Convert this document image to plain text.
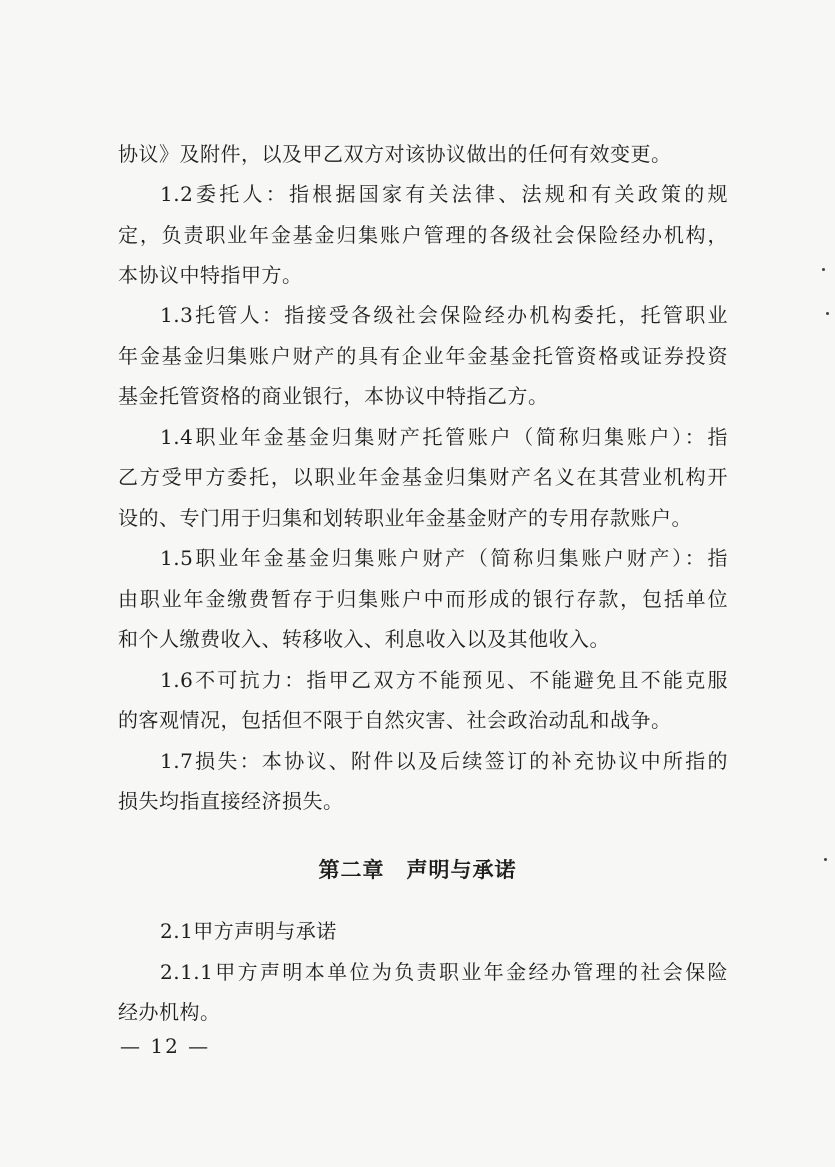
协议》及附件，以及甲乙双方对该协议做出的任何有效变更。
1.2委托人：指根据国家有关法律、法规和有关政策的规
定，负责职业年金基金归集账户管理的各级社会保险经办机构，
本协议中特指甲方。
1.3托管人：指接受各级社会保险经办机构委托，托管职业
年金基金归集账户财产的具有企业年金基金托管资格或证券投资
基金托管资格的商业银行，本协议中特指乙方。
1.4职业年金基金归集财产托管账户（简称归集账户）：指
乙方受甲方委托，以职业年金基金归集财产名义在其营业机构开
设的、专门用于归集和划转职业年金基金财产的专用存款账户。
1.5职业年金基金归集账户财产（简称归集账户财产）：指
由职业年金缴费暂存于归集账户中而形成的银行存款，包括单位
和个人缴费收入、转移收入、利息收入以及其他收入。
1.6不可抗力：指甲乙双方不能预见、不能避免且不能克服
的客观情况，包括但不限于自然灾害、社会政治动乱和战争。
1.7损失：本协议、附件以及后续签订的补充协议中所指的
损失均指直接经济损失。
第二章　声明与承诺
2.1甲方声明与承诺
2.1.1甲方声明本单位为负责职业年金经办管理的社会保险
经办机构。
— 12 —
